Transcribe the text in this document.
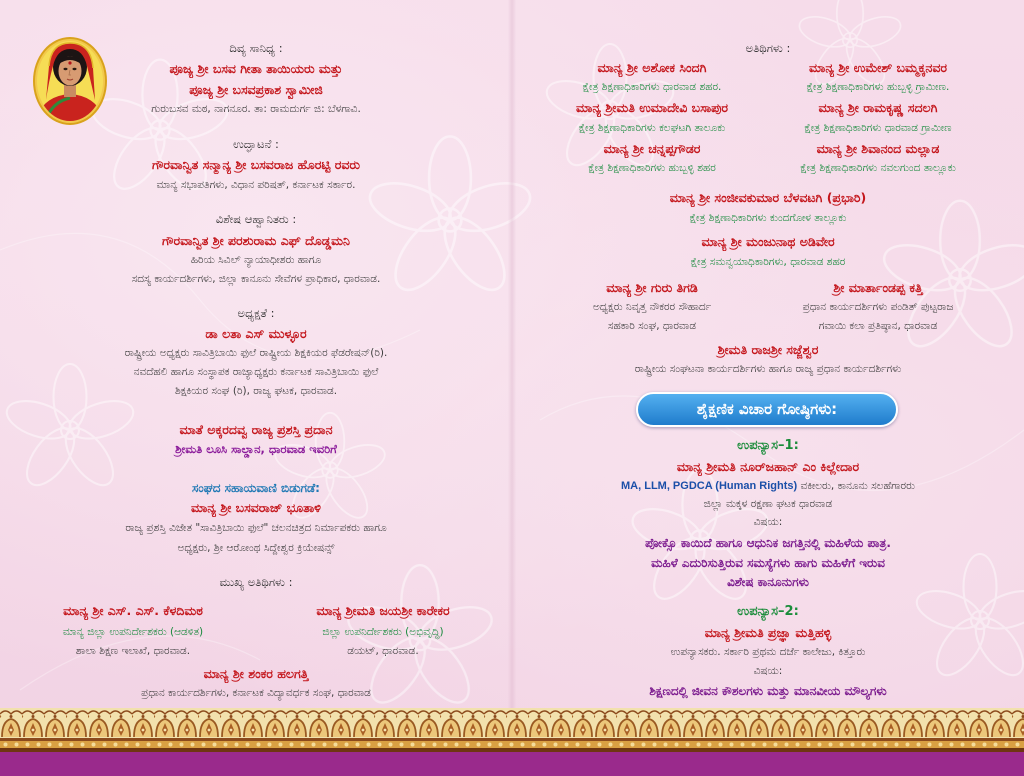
ದಿವ್ಯ ಸಾನಿಧ್ಯ :
ಪೂಜ್ಯ ಶ್ರೀ ಬಸವ ಗೀತಾ ತಾಯಿಯರು ಮತ್ತು
ಪೂಜ್ಯ ಶ್ರೀ ಬಸವಪ್ರಕಾಶ ಸ್ವಾಮೀಜಿ
ಗುರುಬಸವ ಮಠ, ನಾಗನೂರ. ತಾ: ರಾಮದುರ್ಗ ಜಿ: ಬೆಳಗಾವಿ.
ಉದ್ಘಾಟನೆ :
ಗೌರವಾನ್ವಿತ ಸನ್ಮಾನ್ಯ ಶ್ರೀ ಬಸವರಾಜ ಹೊರಟ್ಟಿ ರವರು
ಮಾನ್ಯ ಸಭಾಪತಿಗಳು, ವಿಧಾನ ಪರಿಷತ್, ಕರ್ನಾಟಕ ಸರ್ಕಾರ.
ವಿಶೇಷ ಆಹ್ವಾನಿತರು :
ಗೌರವಾನ್ವಿತ ಶ್ರೀ ಪರಶುರಾಮ ಎಫ್ ದೊಡ್ಡಮನಿ
ಹಿರಿಯ ಸಿವಿಲ್ ನ್ಯಾಯಾಧೀಶರು ಹಾಗೂ
ಸದಸ್ಯ ಕಾರ್ಯದರ್ಶಿಗಳು, ಜಿಲ್ಲಾ ಕಾನೂನು ಸೇವೆಗಳ ಪ್ರಾಧಿಕಾರ, ಧಾರವಾಡ.
ಅಧ್ಯಕ್ಷತೆ :
ಡಾ ಲತಾ ಎಸ್ ಮುಳ್ಳೂರ
ರಾಷ್ಟ್ರೀಯ ಅಧ್ಯಕ್ಷರು ಸಾವಿತ್ರಿಬಾಯಿ ಫುಲೆ ರಾಷ್ಟ್ರೀಯ ಶಿಕ್ಷಕಿಯರ ಫೆಡರೇಷನ್(ರಿ).
ನವದೆಹಲಿ ಹಾಗೂ ಸಂಸ್ಥಾಪಕ ರಾಜ್ಯಾಧ್ಯಕ್ಷರು ಕರ್ನಾಟಕ ಸಾವಿತ್ರಿಬಾಯಿ ಫುಲೆ
ಶಿಕ್ಷಕಿಯರ ಸಂಘ (ರಿ), ರಾಜ್ಯ ಘಟಕ, ಧಾರವಾಡ.
ಮಾತೆ ಅಕ್ಕರದವ್ವ ರಾಜ್ಯ ಪ್ರಶಸ್ತಿ ಪ್ರದಾನ
ಶ್ರೀಮತಿ ಲೂಸಿ ಸಾಲ್ಡಾನ, ಧಾರವಾಡ ಇವರಿಗೆ
ಸಂಘದ ಸಹಾಯವಾಣಿ ಬಿಡುಗಡೆ:
ಮಾನ್ಯ ಶ್ರೀ ಬಸವರಾಜ್ ಭೂತಾಳಿ
ರಾಜ್ಯ ಪ್ರಶಸ್ತಿ ವಿಜೇತ "ಸಾವಿತ್ರಿಬಾಯಿ ಫುಲೆ" ಚಲನಚಿತ್ರದ ನಿರ್ಮಾಪಕರು ಹಾಗೂ
ಅಧ್ಯಕ್ಷರು, ಶ್ರೀ ಆರೋಂಥ ಸಿದ್ದೇಶ್ವರ ಕ್ರಿಯೇಷನ್ಸ್
ಮುಖ್ಯ ಅತಿಥಿಗಳು :
ಮಾನ್ಯ ಶ್ರೀ ಎಸ್. ಎಸ್. ಕೆಳದಿಮಠ
ಮಾನ್ಯ ಜಿಲ್ಲಾ ಉಪನಿರ್ದೇಶಕರು (ಆಡಳಿತ)
ಶಾಲಾ ಶಿಕ್ಷಣ ಇಲಾಖೆ, ಧಾರವಾಡ.
ಮಾನ್ಯ ಶ್ರೀಮತಿ ಜಯಶ್ರೀ ಕಾರೇಕರ
ಜಿಲ್ಲಾ ಉಪನಿರ್ದೇಶಕರು (ಅಭಿವೃದ್ಧಿ)
ಡಯಟ್, ಧಾರವಾಡ.
ಮಾನ್ಯ ಶ್ರೀ ಶಂಕರ ಹಲಗತ್ತಿ
ಪ್ರಧಾನ ಕಾರ್ಯದರ್ಶಿಗಳು, ಕರ್ನಾಟಕ ವಿದ್ಯಾವರ್ಧಕ ಸಂಘ, ಧಾರವಾಡ
ಅತಿಥಿಗಳು :
ಮಾನ್ಯ ಶ್ರೀ ಅಶೋಕ ಸಿಂದಗಿ
ಕ್ಷೇತ್ರ ಶಿಕ್ಷಣಾಧಿಕಾರಿಗಳು ಧಾರವಾಡ ಶಹರ.
ಮಾನ್ಯ ಶ್ರೀ ಉಮೇಶ್ ಬಮ್ಮಕ್ಕನವರ
ಕ್ಷೇತ್ರ ಶಿಕ್ಷಣಾಧಿಕಾರಿಗಳು ಹುಬ್ಬಳ್ಳಿ ಗ್ರಾಮೀಣ.
ಮಾನ್ಯ ಶ್ರೀಮತಿ ಉಮಾದೇವಿ ಬಸಾಪುರ
ಕ್ಷೇತ್ರ ಶಿಕ್ಷಣಾಧಿಕಾರಿಗಳು ಕಲಘಟಗಿ ತಾಲೂಕು
ಮಾನ್ಯ ಶ್ರೀ ರಾಮಕೃಷ್ಣ ಸದಲಗಿ
ಕ್ಷೇತ್ರ ಶಿಕ್ಷಣಾಧಿಕಾರಿಗಳು ಧಾರವಾಡ ಗ್ರಾಮೀಣ
ಮಾನ್ಯ ಶ್ರೀ ಚನ್ನಪ್ಪಗೌಡರ
ಕ್ಷೇತ್ರ ಶಿಕ್ಷಣಾಧಿಕಾರಿಗಳು ಹುಬ್ಬಳ್ಳಿ ಶಹರ
ಮಾನ್ಯ ಶ್ರೀ ಶಿವಾನಂದ ಮಲ್ಲಾಡ
ಕ್ಷೇತ್ರ ಶಿಕ್ಷಣಾಧಿಕಾರಿಗಳು ನವಲಗುಂದ ತಾಲ್ಲೂಕು
ಮಾನ್ಯ ಶ್ರೀ ಸಂಜೀವಕುಮಾರ ಬೆಳವಟಗಿ (ಪ್ರಭಾರಿ)
ಕ್ಷೇತ್ರ ಶಿಕ್ಷಣಾಧಿಕಾರಿಗಳು ಕುಂದಗೋಳ ತಾಲ್ಲೂಕು
ಮಾನ್ಯ ಶ್ರೀ ಮಂಜುನಾಥ ಅಡಿವೇರ
ಕ್ಷೇತ್ರ ಸಮನ್ವಯಾಧಿಕಾರಿಗಳು, ಧಾರವಾಡ ಶಹರ
ಮಾನ್ಯ ಶ್ರೀ ಗುರು ತಿಗಡಿ
ಅಧ್ಯಕ್ಷರು ನಿವೃತ್ತ ನೌಕರರ ಸೌಹಾರ್ದ
ಸಹಕಾರಿ ಸಂಘ, ಧಾರವಾಡ
ಶ್ರೀ ಮಾರ್ತಾಂಡಪ್ಪ ಕತ್ತಿ
ಪ್ರಧಾನ ಕಾರ್ಯದರ್ಶಿಗಳು ಪಂಡಿತ್ ಪುಟ್ಟರಾಜ
ಗವಾಯಿ ಕಲಾ ಪ್ರತಿಷ್ಠಾನ, ಧಾರವಾಡ
ಶ್ರೀಮತಿ ರಾಜಶ್ರೀ ಸಜ್ಜೆಶ್ವರ
ರಾಷ್ಟ್ರೀಯ ಸಂಘಟನಾ ಕಾರ್ಯದರ್ಶಿಗಳು ಹಾಗೂ ರಾಜ್ಯ ಪ್ರಧಾನ ಕಾರ್ಯದರ್ಶಿಗಳು
ಶೈಕ್ಷಣಿಕ ವಿಚಾರ ಗೋಷ್ಠಿಗಳು:
ಉಪನ್ಯಾಸ–1:
ಮಾನ್ಯ ಶ್ರೀಮತಿ ನೂರ್‌ಜಹಾನ್ ಎಂ ಕಿಲ್ಲೇದಾರ
MA, LLM, PGDCA (Human Rights) ವಕೀಲರು, ಕಾನೂನು ಸಲಹೆಗಾರರು
ಜಿಲ್ಲಾ ಮಕ್ಕಳ ರಕ್ಷಣಾ ಘಟಕ ಧಾರವಾಡ
ವಿಷಯ:
ಪೋಕ್ಸೊ ಕಾಯಿದೆ ಹಾಗೂ ಆಧುನಿಕ ಜಗತ್ತಿನಲ್ಲಿ ಮಹಿಳೆಯ ಪಾತ್ರ.
ಮಹಿಳೆ ಎದುರಿಸುತ್ತಿರುವ ಸಮಸ್ಯೆಗಳು ಹಾಗು ಮಹಿಳೆಗೆ ಇರುವ
ವಿಶೇಷ ಕಾನೂನುಗಳು
ಉಪನ್ಯಾಸ–2:
ಮಾನ್ಯ ಶ್ರೀಮತಿ ಪ್ರಜ್ಞಾ ಮತ್ತಿಹಳ್ಳಿ
ಉಪನ್ಯಾಸಕರು. ಸರ್ಕಾರಿ ಪ್ರಥಮ ದರ್ಜೆ ಕಾಲೇಜು, ಕಿತ್ತೂರು
ವಿಷಯ:
ಶಿಕ್ಷಣದಲ್ಲಿ ಜೀವನ ಕೌಶಲಗಳು ಮತ್ತು ಮಾನವೀಯ ಮೌಲ್ಯಗಳು
